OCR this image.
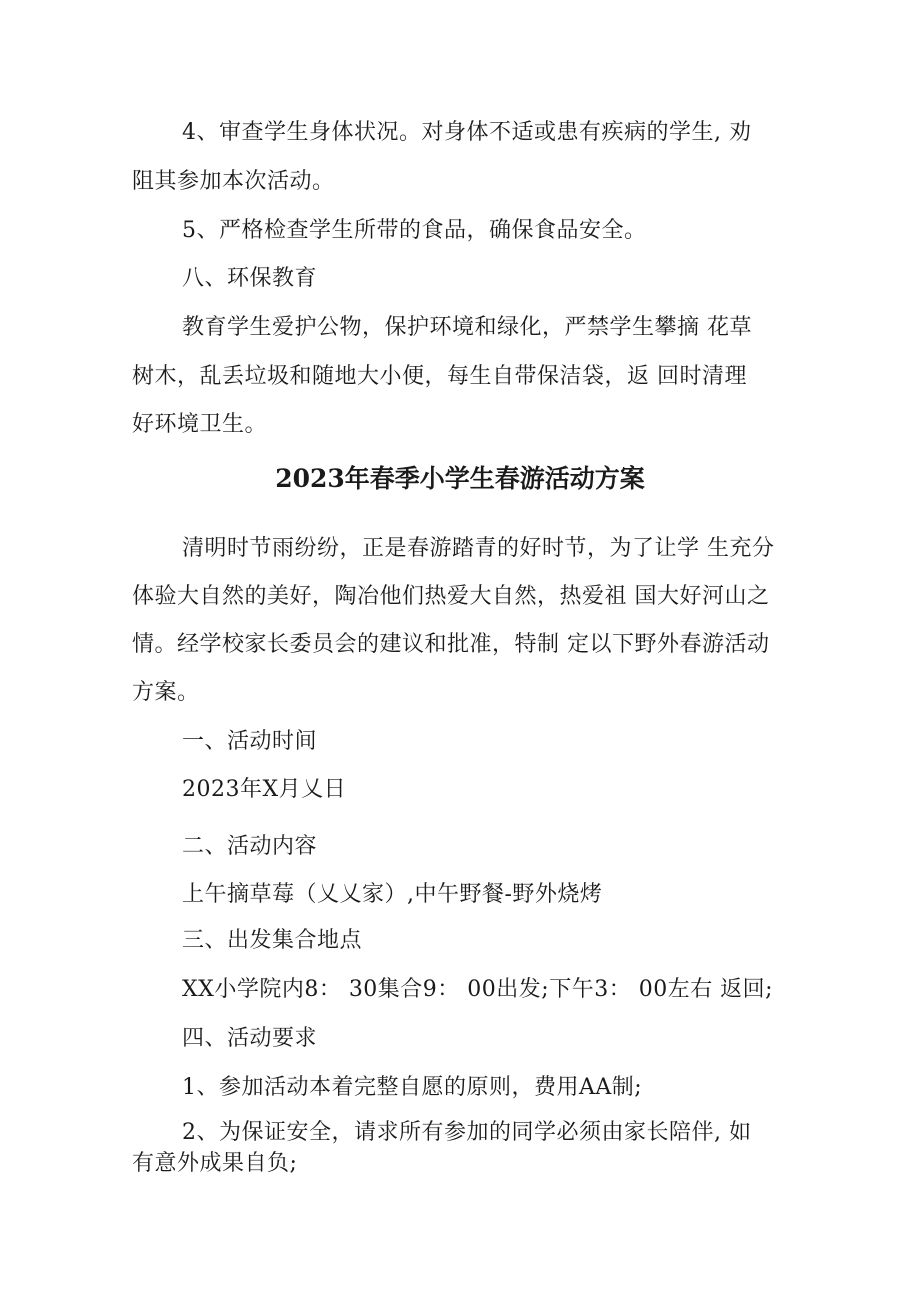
4、审查学生身体状况。对身体不适或患有疾病的学生, 劝
阻其参加本次活动。
5、严格检查学生所带的食品，确保食品安全。
八、环保教育
教育学生爱护公物，保护环境和绿化，严禁学生攀摘 花草
树木，乱丢垃圾和随地大小便，每生自带保洁袋，返 回时清理
好环境卫生。
2023年春季小学生春游活动方案
清明时节雨纷纷，正是春游踏青的好时节，为了让学 生充分
体验大自然的美好，陶冶他们热爱大自然，热爱祖 国大好河山之
情。经学校家长委员会的建议和批准，特制 定以下野外春游活动
方案。
一、活动时间
2023年X月乂日
二、活动内容
上午摘草莓（乂乂家）,中午野餐-野外烧烤
三、出发集合地点
XX小学院内8： 30集合9： 00出发;下午3： 00左右 返回;
四、活动要求
1、参加活动本着完整自愿的原则，费用AA制;
2、为保证安全，请求所有参加的同学必须由家长陪伴, 如
有意外成果自负;
